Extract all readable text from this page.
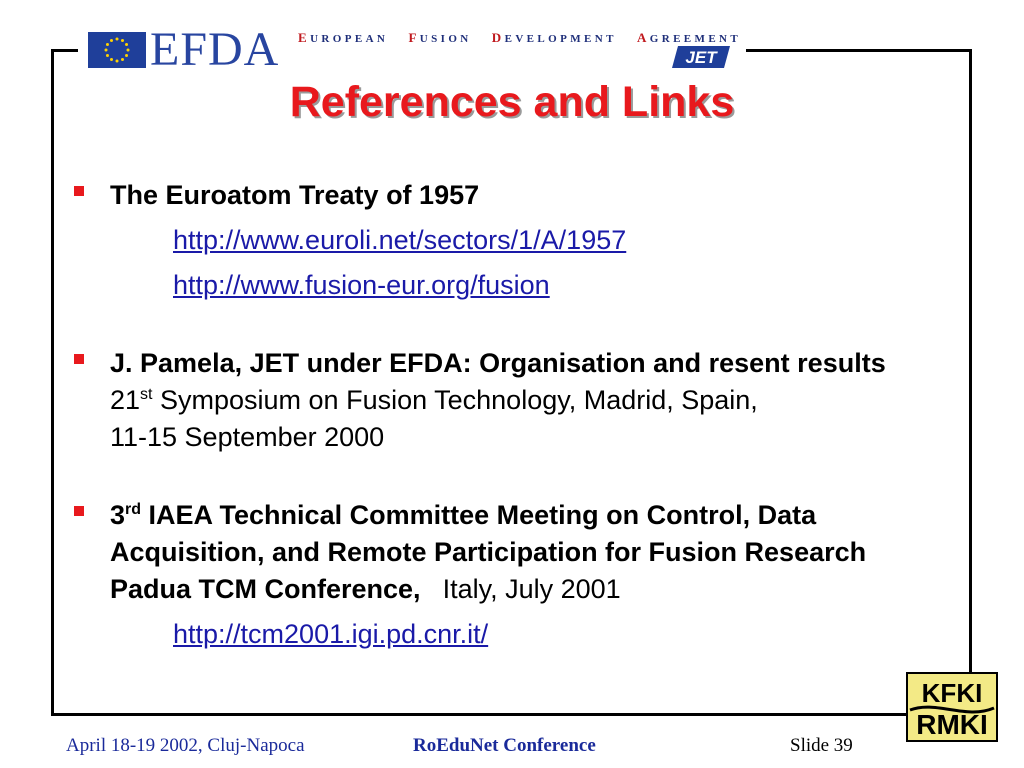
EFDA EUROPEAN FUSION DEVELOPMENT AGREEMENT
JET
References and Links
The Euroatom Treaty of 1957
http://www.euroli.net/sectors/1/A/1957
http://www.fusion-eur.org/fusion
J. Pamela, JET under EFDA: Organisation and resent results
21st Symposium on Fusion Technology, Madrid, Spain,
11-15 September 2000
3rd IAEA Technical Committee Meeting on Control, Data
Acquisition, and Remote Participation for Fusion Research
Padua TCM Conference, Italy, July 2001
http://tcm2001.igi.pd.cnr.it/
April 18-19 2002, Cluj-Napoca	RoEduNet Conference	Slide 39
KFKI
RMKI
